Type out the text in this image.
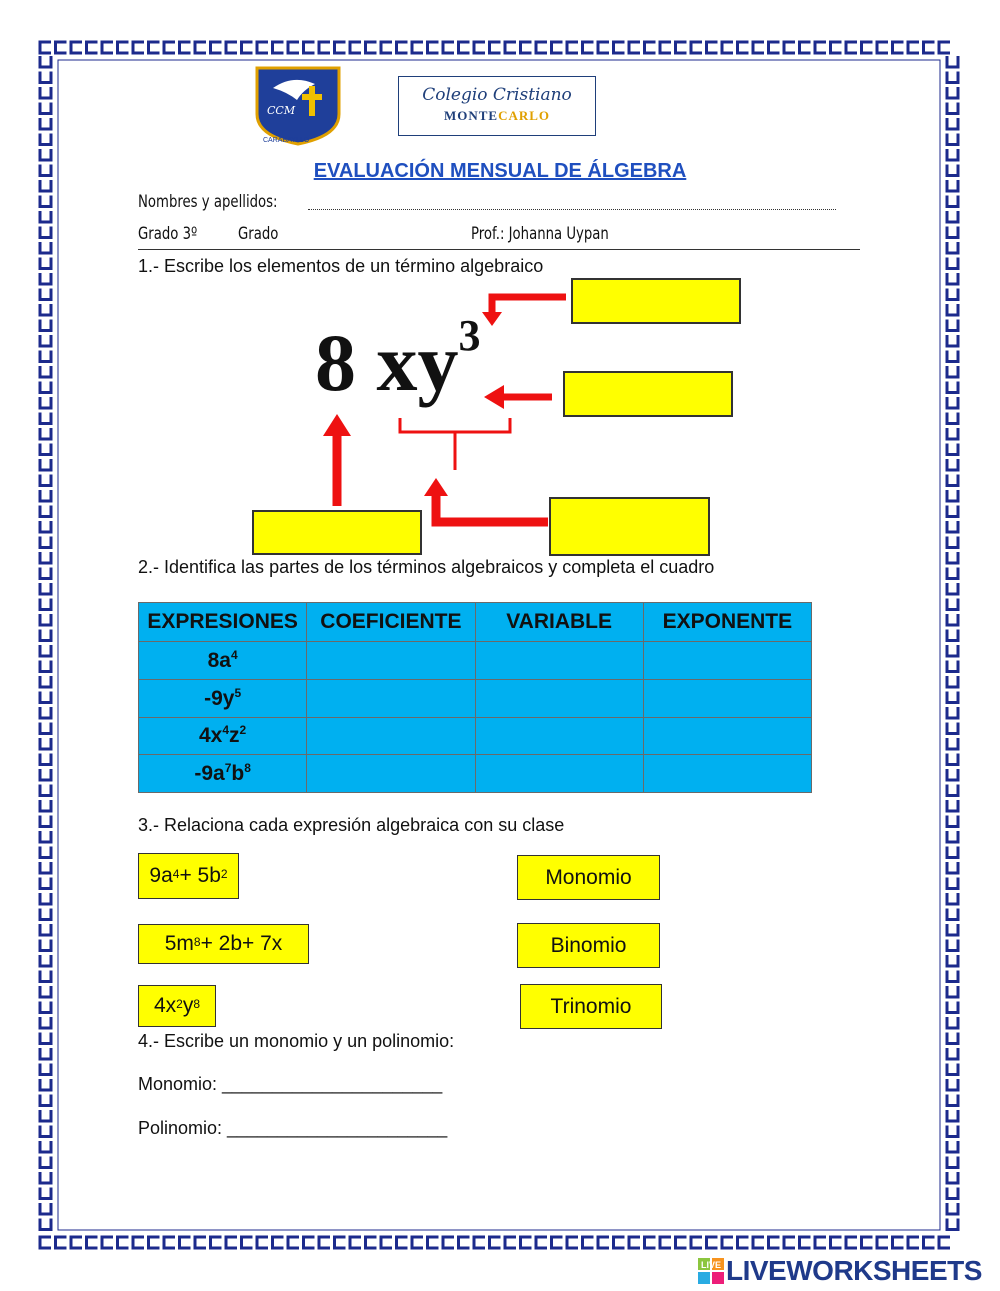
CCM
CARABAYLLO
Colegio Cristiano
MONTECARLO
EVALUACIÓN MENSUAL DE ÁLGEBRA
Nombres y apellidos:
Grado 3º Grado	Prof.: Johanna Uypan
1.- Escribe los elementos de un término algebraico
8 $xy^3$
2.- Identifica las partes de los términos algebraicos y completa el cuadro
EXPRESIONES	COEFICIENTE	VARIABLE	EXPONENTE
$8a^4$			
$-9y^5$			
$4x^4z^2$			
$-9a^7b^8$			
3.- Relaciona cada expresión algebraica con su clase
$9a^4 + 5b^2$
$5m^8 + 2b+ 7x$
$4x^2$ $y^8$
Monomio
Binomio
Trinomio
4.- Escribe un monomio y un polinomio:
Monomio: ______________________
Polinomio: ______________________
LIVE LIVEWORKSHEETS
